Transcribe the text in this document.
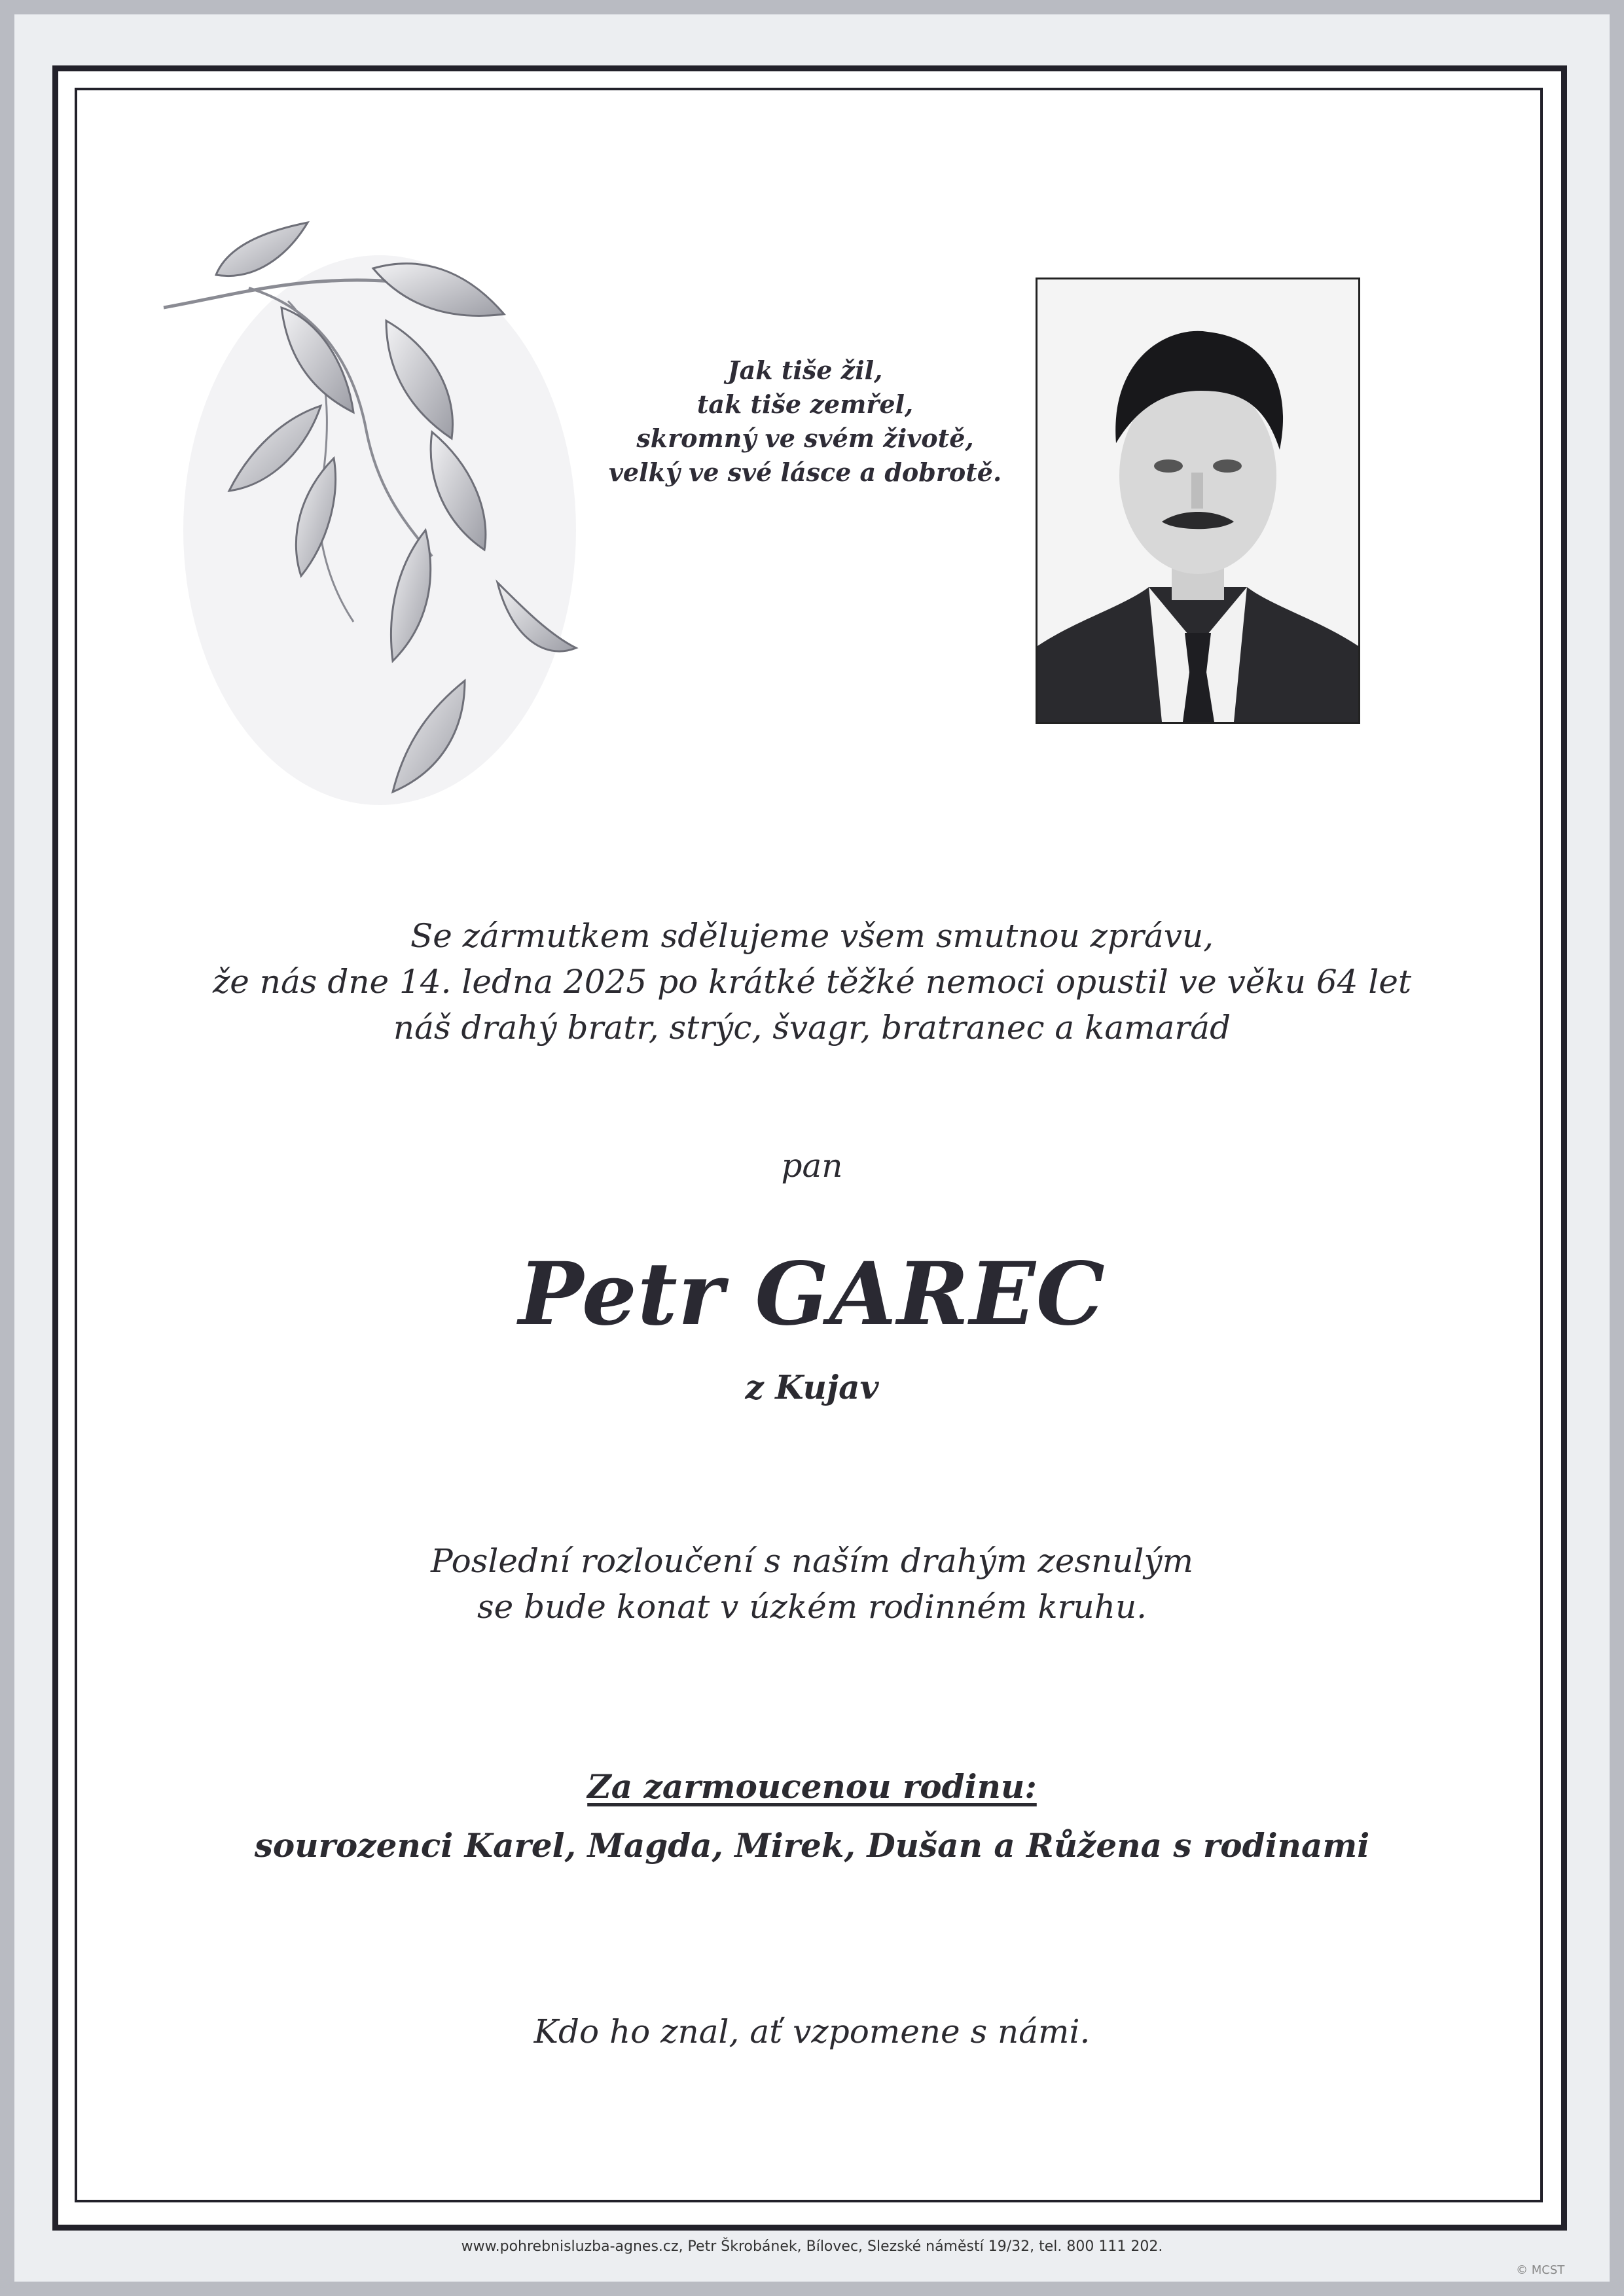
Jak tiše žil,
tak tiše zemřel,
skromný ve svém životě,
velký ve své lásce a dobrotě.
Se zármutkem sdělujeme všem smutnou zprávu,
že nás dne 14. ledna 2025 po krátké těžké nemoci opustil ve věku 64 let
náš drahý bratr, strýc, švagr, bratranec a kamarád
pan
Petr GAREC
z Kujav
Poslední rozloučení s naším drahým zesnulým
se bude konat v úzkém rodinném kruhu.
Za zarmoucenou rodinu:
sourozenci Karel, Magda, Mirek, Dušan a Růžena s rodinami
Kdo ho znal, ať vzpomene s námi.
www.pohrebnisluzba-agnes.cz, Petr Škrobánek, Bílovec, Slezské náměstí 19/32, tel. 800 111 202.
© MCST
